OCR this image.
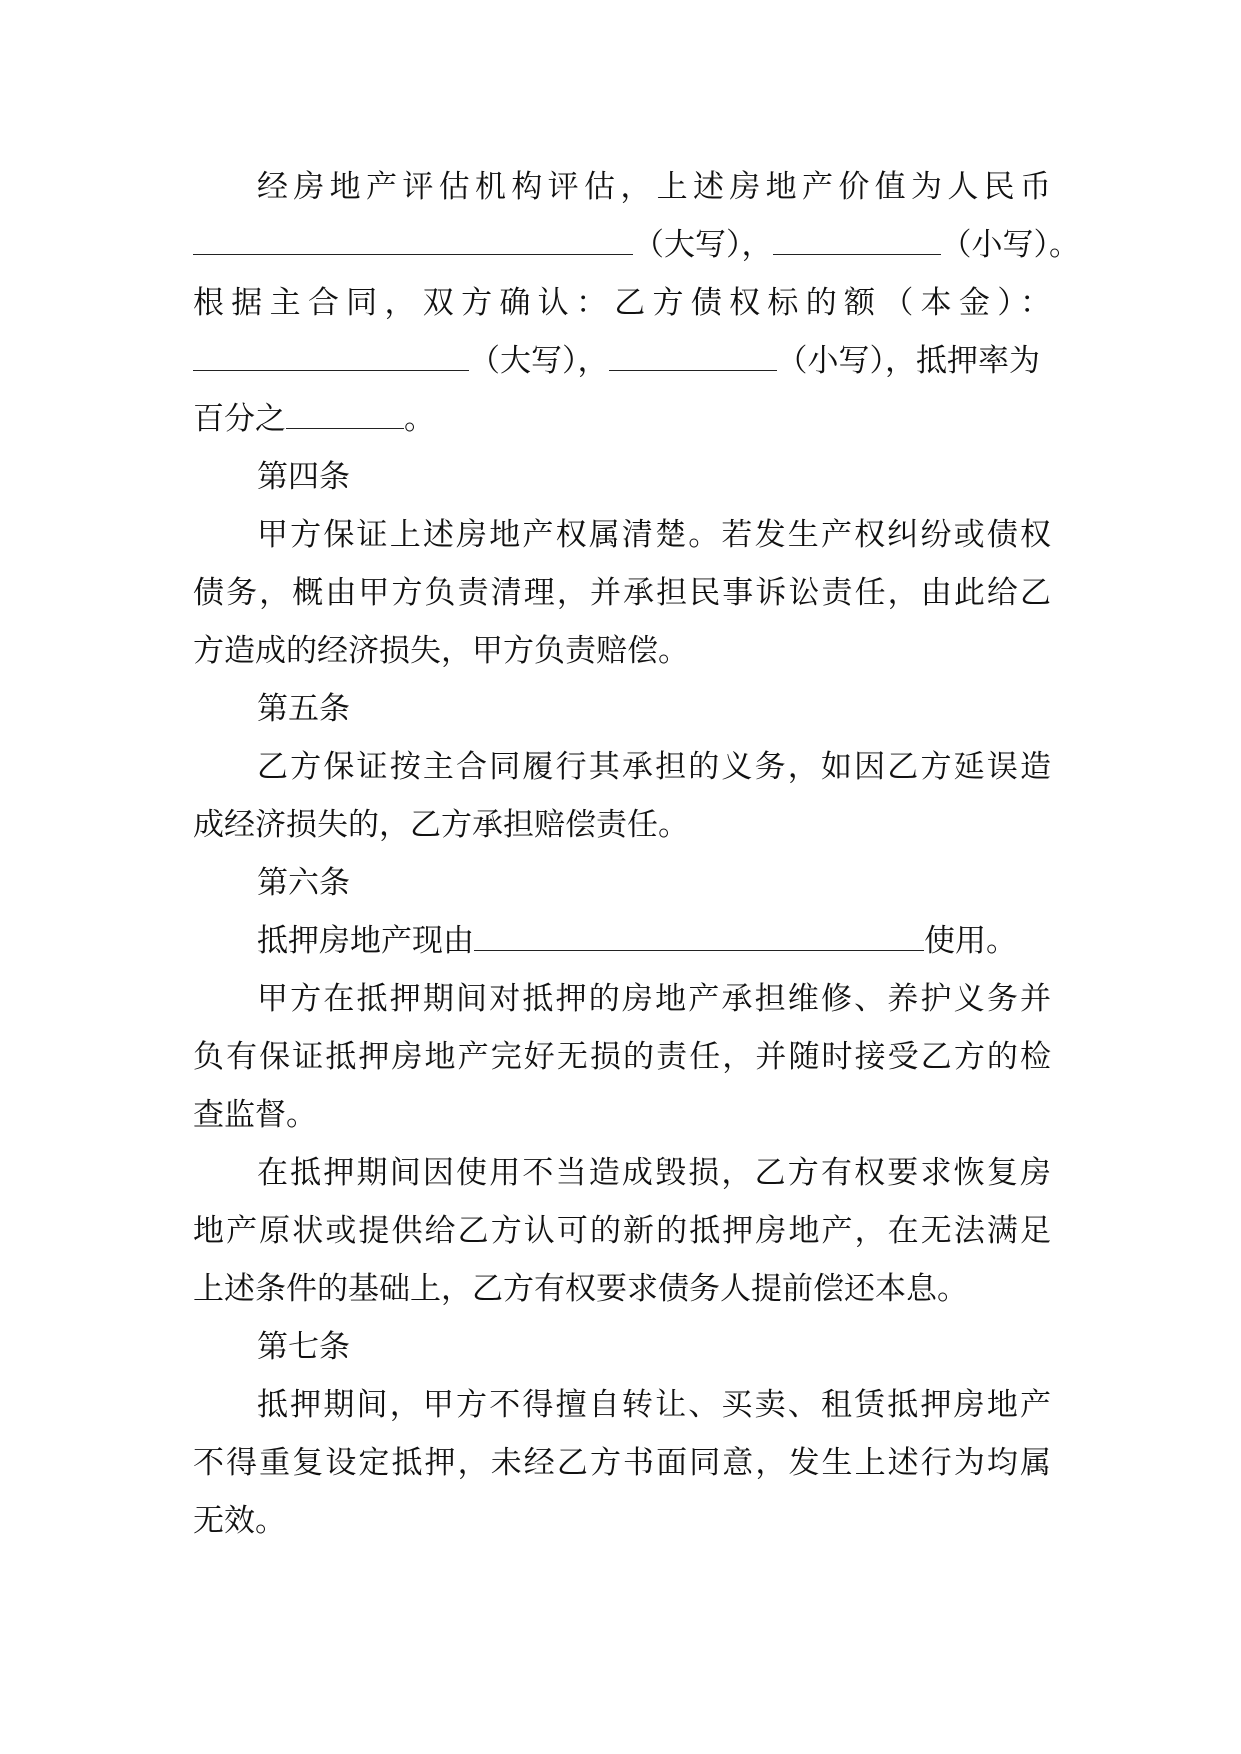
经房地产评估机构评估，上述房地产价值为人民币
（大写），	（小写）。
根据主合同，双方确认：乙方债权标的额（本金）：
（大写），	（小写），抵押率为
百分之	。
第四条
甲方保证上述房地产权属清楚。若发生产权纠纷或债权
债务，概由甲方负责清理，并承担民事诉讼责任，由此给乙
方造成的经济损失，甲方负责赔偿。
第五条
乙方保证按主合同履行其承担的义务，如因乙方延误造
成经济损失的，乙方承担赔偿责任。
第六条
抵押房地产现由	使用。
甲方在抵押期间对抵押的房地产承担维修、养护义务并
负有保证抵押房地产完好无损的责任，并随时接受乙方的检
查监督。
在抵押期间因使用不当造成毁损，乙方有权要求恢复房
地产原状或提供给乙方认可的新的抵押房地产，在无法满足
上述条件的基础上，乙方有权要求债务人提前偿还本息。
第七条
抵押期间，甲方不得擅自转让、买卖、租赁抵押房地产
不得重复设定抵押，未经乙方书面同意，发生上述行为均属
无效。
